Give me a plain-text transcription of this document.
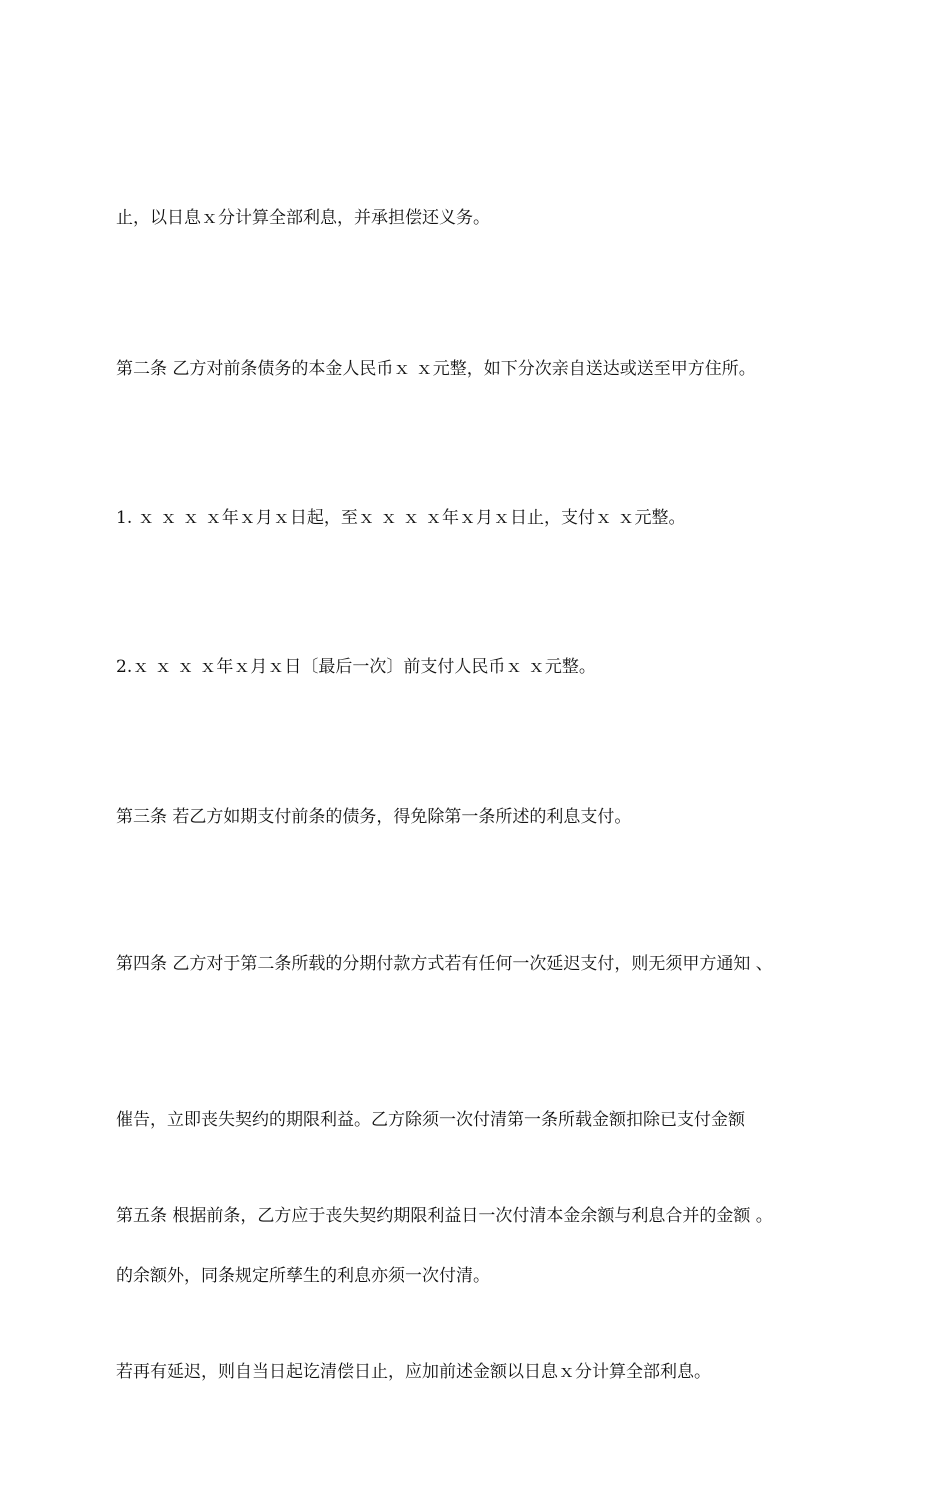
止，以日息ｘ分计算全部利息，并承担偿还义务。

第二条 乙方对前条债务的本金人民币ｘ ｘ元整，如下分次亲自送达或送至甲方住所。

1. ｘ ｘ ｘ ｘ年ｘ月ｘ日起，至ｘ ｘ ｘ ｘ年ｘ月ｘ日止，支付ｘ ｘ元整。

2.ｘ ｘ ｘ ｘ年ｘ月ｘ日〔最后一次〕前支付人民币ｘ ｘ元整。

第三条 若乙方如期支付前条的债务，得免除第一条所述的利息支付。

第四条 乙方对于第二条所载的分期付款方式若有任何一次延迟支付，则无须甲方通知 、

催告，立即丧失契约的期限利益。乙方除须一次付清第一条所载金额扣除已支付金额

的余额外，同条规定所孳生的利息亦须一次付清。

第五条 根据前条，乙方应于丧失契约期限利益日一次付清本金余额与利息合并的金额 。

若再有延迟，则自当日起讫清偿日止，应加前述金额以日息ｘ分计算全部利息。
